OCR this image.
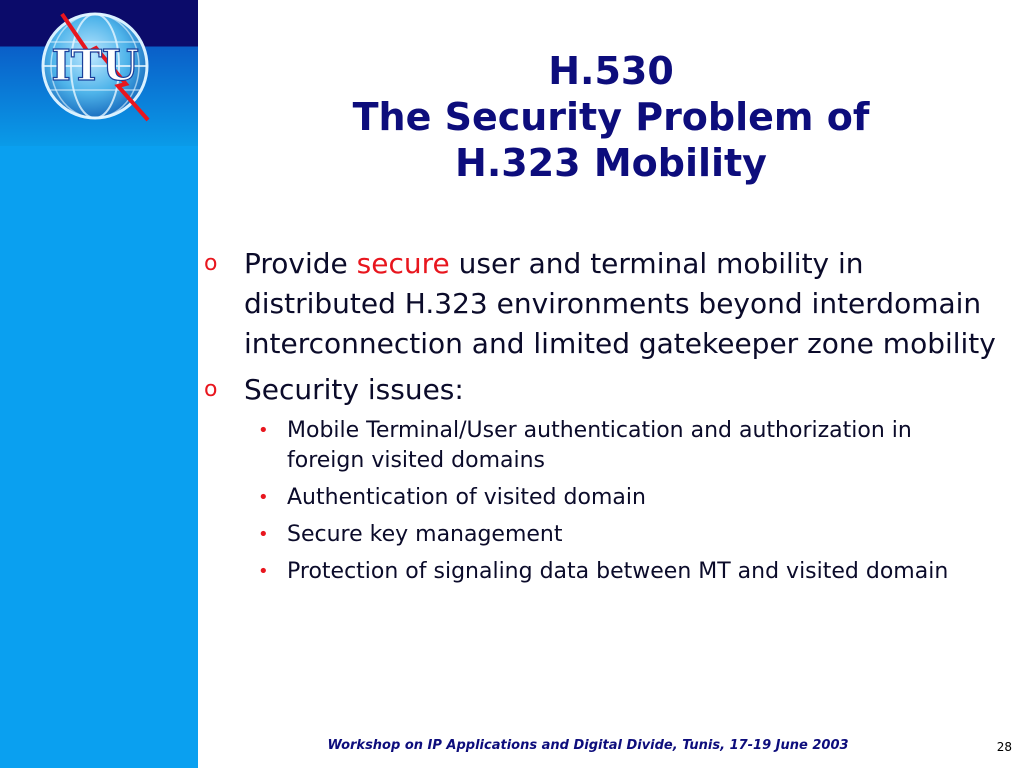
ITU	H.530
The Security Problem of
H.323 Mobility
o Provide secure user and terminal mobility in distributed H.323 environments beyond interdomain interconnection and limited gatekeeper zone mobility
o Security issues:
• Mobile Terminal/User authentication and authorization in foreign visited domains
• Authentication of visited domain
• Secure key management
• Protection of signaling data between MT and visited domain
Workshop on IP Applications and Digital Divide, Tunis, 17-19 June 2003	28
